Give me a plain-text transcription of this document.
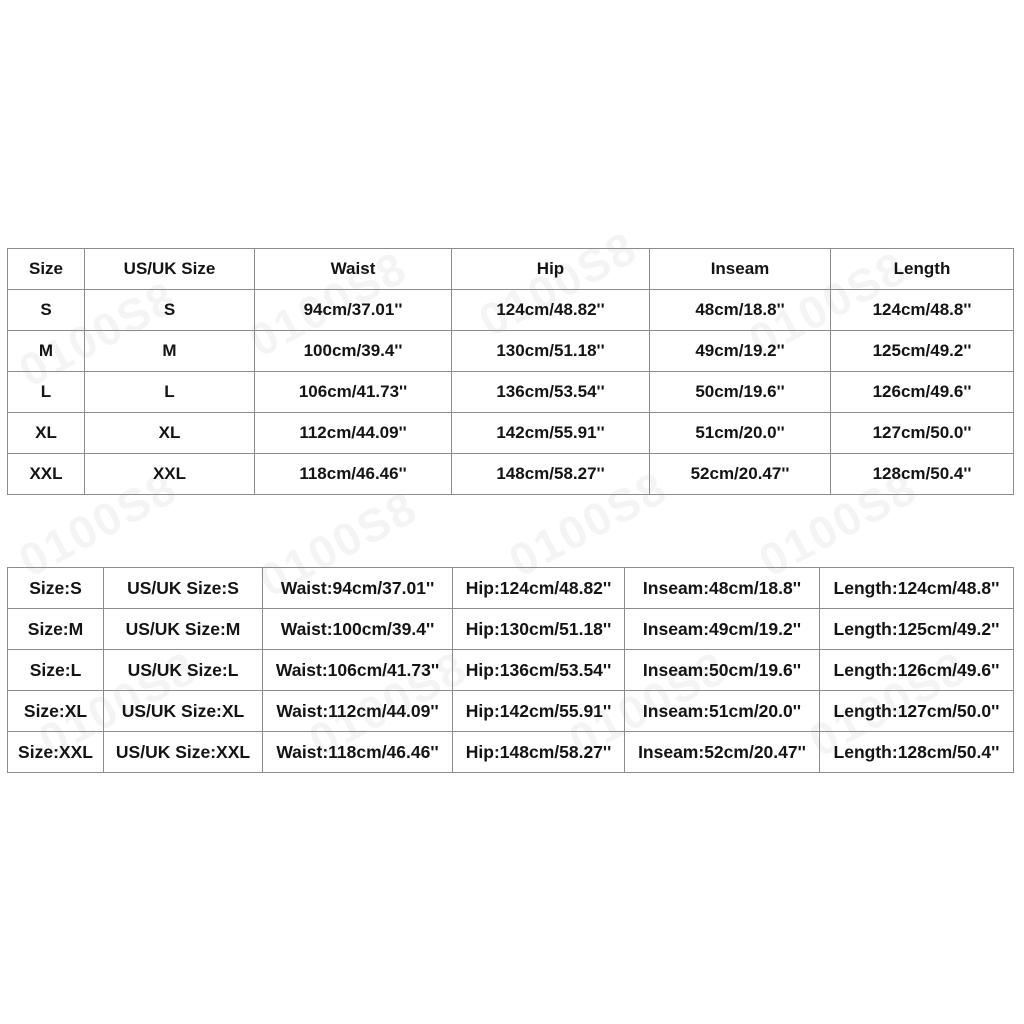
Size	US/UK Size	Waist	Hip	Inseam	Length
S	S	94cm/37.01''	124cm/48.82''	48cm/18.8''	124cm/48.8''
M	M	100cm/39.4''	130cm/51.18''	49cm/19.2''	125cm/49.2''
L	L	106cm/41.73''	136cm/53.54''	50cm/19.6''	126cm/49.6''
XL	XL	112cm/44.09''	142cm/55.91''	51cm/20.0''	127cm/50.0''
XXL	XXL	118cm/46.46''	148cm/58.27''	52cm/20.47''	128cm/50.4''
Size:S	US/UK Size:S	Waist:94cm/37.01''	Hip:124cm/48.82''	Inseam:48cm/18.8''	Length:124cm/48.8''
Size:M	US/UK Size:M	Waist:100cm/39.4''	Hip:130cm/51.18''	Inseam:49cm/19.2''	Length:125cm/49.2''
Size:L	US/UK Size:L	Waist:106cm/41.73''	Hip:136cm/53.54''	Inseam:50cm/19.6''	Length:126cm/49.6''
Size:XL	US/UK Size:XL	Waist:112cm/44.09''	Hip:142cm/55.91''	Inseam:51cm/20.0''	Length:127cm/50.0''
Size:XXL	US/UK Size:XXL	Waist:118cm/46.46''	Hip:148cm/58.27''	Inseam:52cm/20.47''	Length:128cm/50.4''
